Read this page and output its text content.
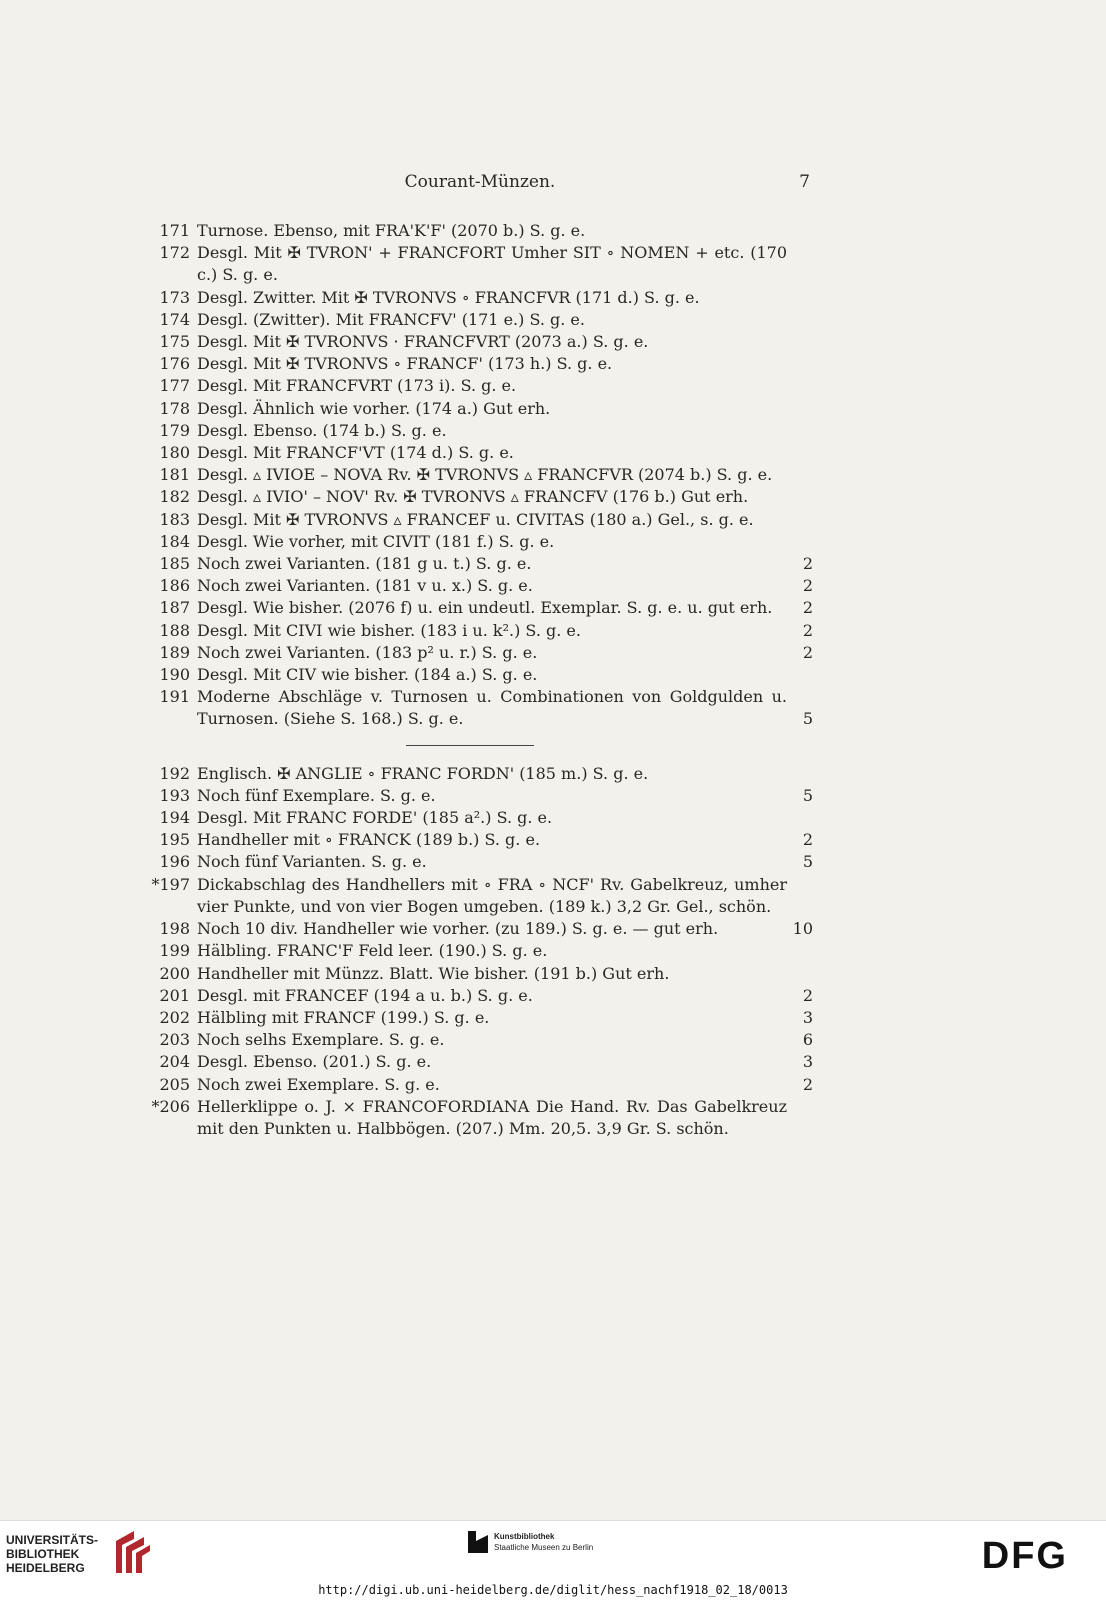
Courant-Münzen.	7
171 Turnose. Ebenso, mit FRA'K'F' (2070 b.) S. g. e.
172 Desgl. Mit ✠ TVRON' + FRANCFORT Umher SIT ∘ NOMEN + etc. (170 c.) S. g. e.
173 Desgl. Zwitter. Mit ✠ TVRONVS ∘ FRANCFVR (171 d.) S. g. e.
174 Desgl. (Zwitter). Mit FRANCFV' (171 e.) S. g. e.
175 Desgl. Mit ✠ TVRONVS · FRANCFVRT (2073 a.) S. g. e.
176 Desgl. Mit ✠ TVRONVS ∘ FRANCF' (173 h.) S. g. e.
177 Desgl. Mit FRANCFVRT (173 i). S. g. e.
178 Desgl. Ähnlich wie vorher. (174 a.) Gut erh.
179 Desgl. Ebenso. (174 b.) S. g. e.
180 Desgl. Mit FRANCF'VT (174 d.) S. g. e.
181 Desgl. ▵ IVIOE – NOVA Rv. ✠ TVRONVS ▵ FRANCFVR (2074 b.) S. g. e.
182 Desgl. ▵ IVIO' – NOV' Rv. ✠ TVRONVS ▵ FRANCFV (176 b.) Gut erh.
183 Desgl. Mit ✠ TVRONVS ▵ FRANCEF u. CIVITAS (180 a.) Gel., s. g. e.
184 Desgl. Wie vorher, mit CIVIT (181 f.) S. g. e.
185 Noch zwei Varianten. (181 g u. t.) S. g. e.	2
186 Noch zwei Varianten. (181 v u. x.) S. g. e.	2
187 Desgl. Wie bisher. (2076 f) u. ein undeutl. Exemplar. S. g. e. u. gut erh.	2
188 Desgl. Mit CIVI wie bisher. (183 i u. k².) S. g. e.	2
189 Noch zwei Varianten. (183 p² u. r.) S. g. e.	2
190 Desgl. Mit CIV wie bisher. (184 a.) S. g. e.
191 Moderne Abschläge v. Turnosen u. Combinationen von Goldgulden u. Turnosen. (Siehe S. 168.) S. g. e.	5
192 Englisch. ✠ ANGLIE ∘ FRANC FORDN' (185 m.) S. g. e.
193 Noch fünf Exemplare. S. g. e.	5
194 Desgl. Mit FRANC FORDE' (185 a².) S. g. e.
195 Handheller mit ∘ FRANCK (189 b.) S. g. e.	2
196 Noch fünf Varianten. S. g. e.	5
*197 Dickabschlag des Handhellers mit ∘ FRA ∘ NCF' Rv. Gabelkreuz, umher vier Punkte, und von vier Bogen umgeben. (189 k.) 3,2 Gr. Gel., schön.
198 Noch 10 div. Handheller wie vorher. (zu 189.) S. g. e. — gut erh.	10
199 Hälbling. FRANC'F Feld leer. (190.) S. g. e.
200 Handheller mit Münzz. Blatt. Wie bisher. (191 b.) Gut erh.
201 Desgl. mit FRANCEF (194 a u. b.) S. g. e.	2
202 Hälbling mit FRANCF (199.) S. g. e.	3
203 Noch selhs Exemplare. S. g. e.	6
204 Desgl. Ebenso. (201.) S. g. e.	3
205 Noch zwei Exemplare. S. g. e.	2
*206 Hellerklippe o. J. × FRANCOFORDIANA Die Hand. Rv. Das Gabelkreuz mit den Punkten u. Halbbögen. (207.) Mm. 20,5. 3,9 Gr. S. schön.
UNIVERSITÄTS-
BIBLIOTHEK
HEIDELBERG
Kunstbibliothek
Staatliche Museen zu Berlin	DFG
http://digi.ub.uni-heidelberg.de/diglit/hess_nachf1918_02_18/0013
